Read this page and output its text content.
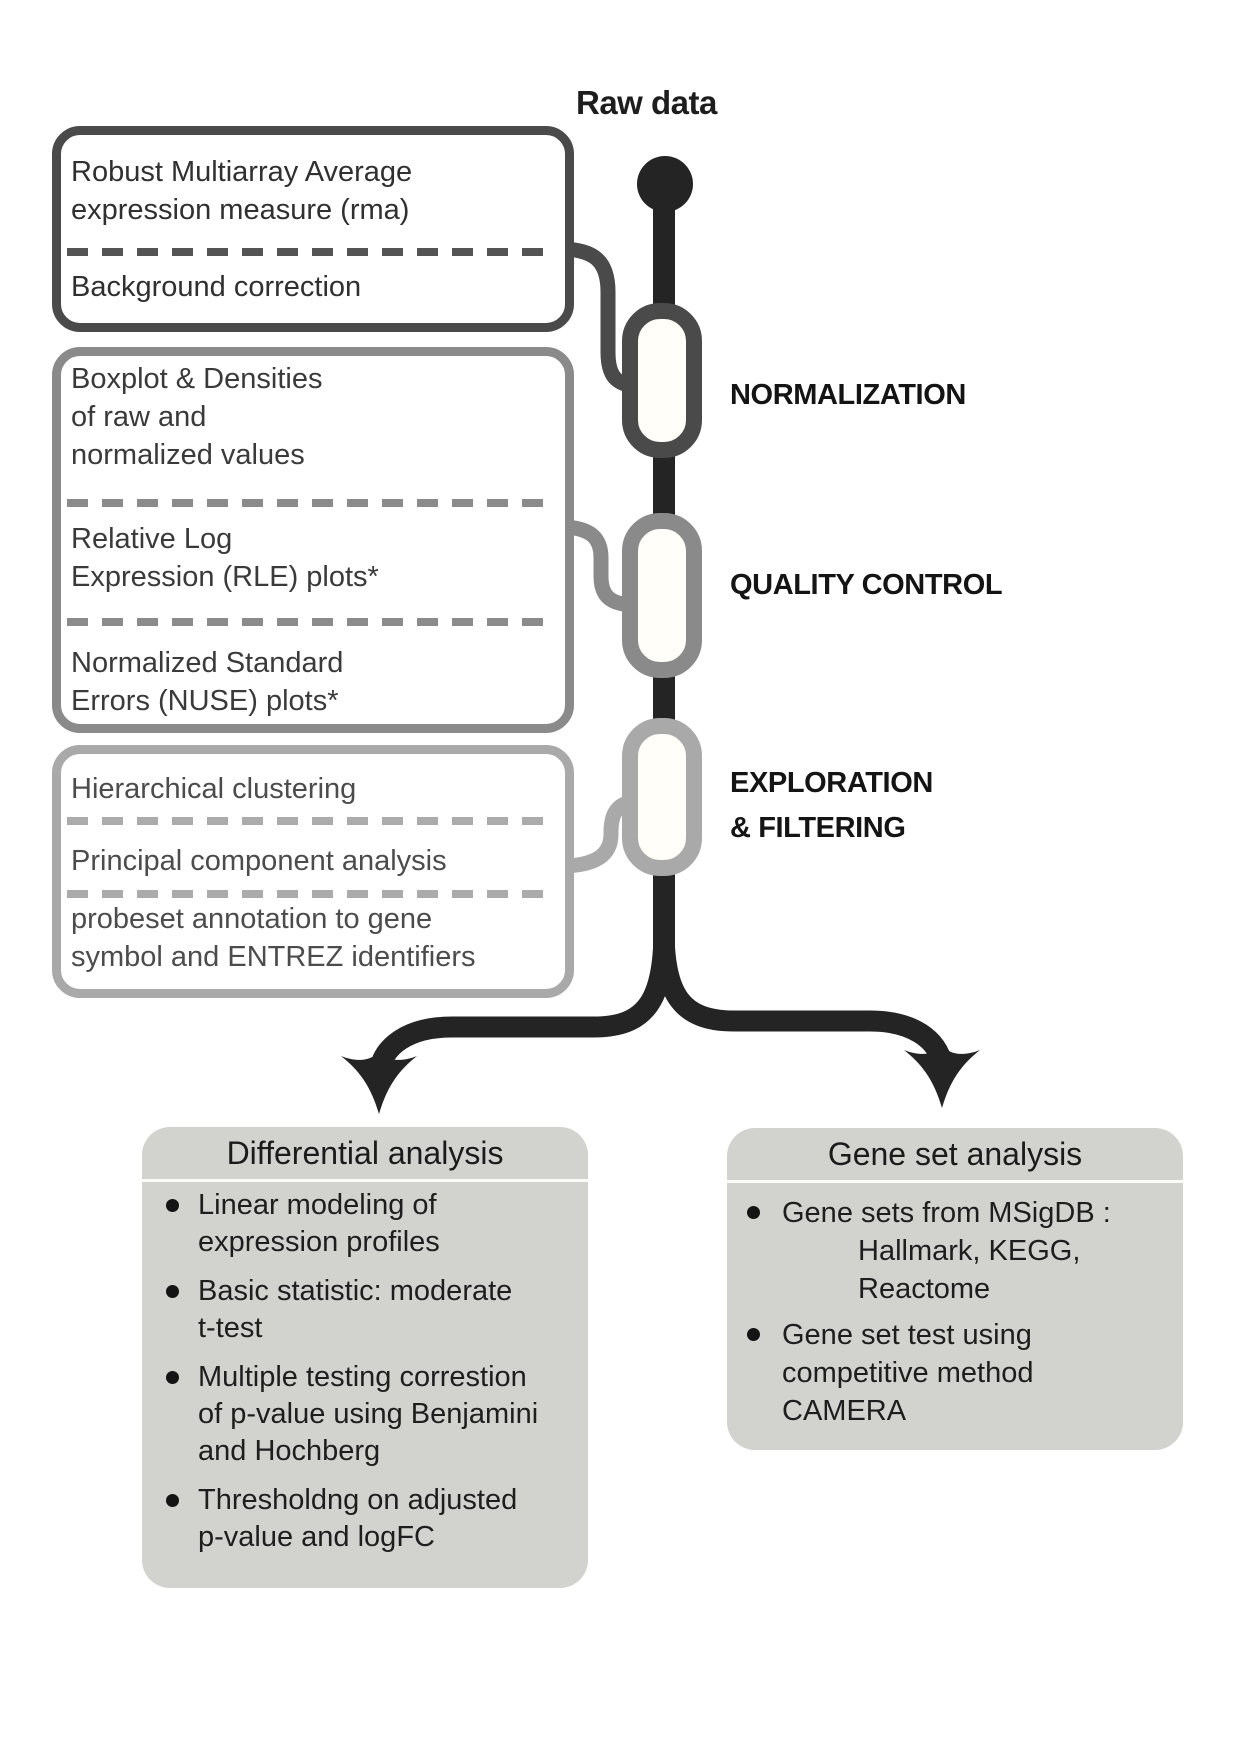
Raw data
Robust Multiarray Average
expression measure (rma)
Background correction
Boxplot & Densities
of raw and
normalized values
Relative Log
Expression (RLE) plots*
Normalized Standard
Errors (NUSE) plots*
Hierarchical clustering
Principal component analysis
probeset annotation to gene
symbol and ENTREZ identifiers
NORMALIZATION
QUALITY CONTROL
EXPLORATION
& FILTERING
Differential analysis
Linear modeling of
expression profiles
Basic statistic: moderate
t-test
Multiple testing correstion
of p-value using Benjamini
and Hochberg
Thresholdng on adjusted
p-value and logFC
Gene set analysis
Gene sets from MSigDB :
Hallmark, KEGG,
Reactome
Gene set test using
competitive method
CAMERA
